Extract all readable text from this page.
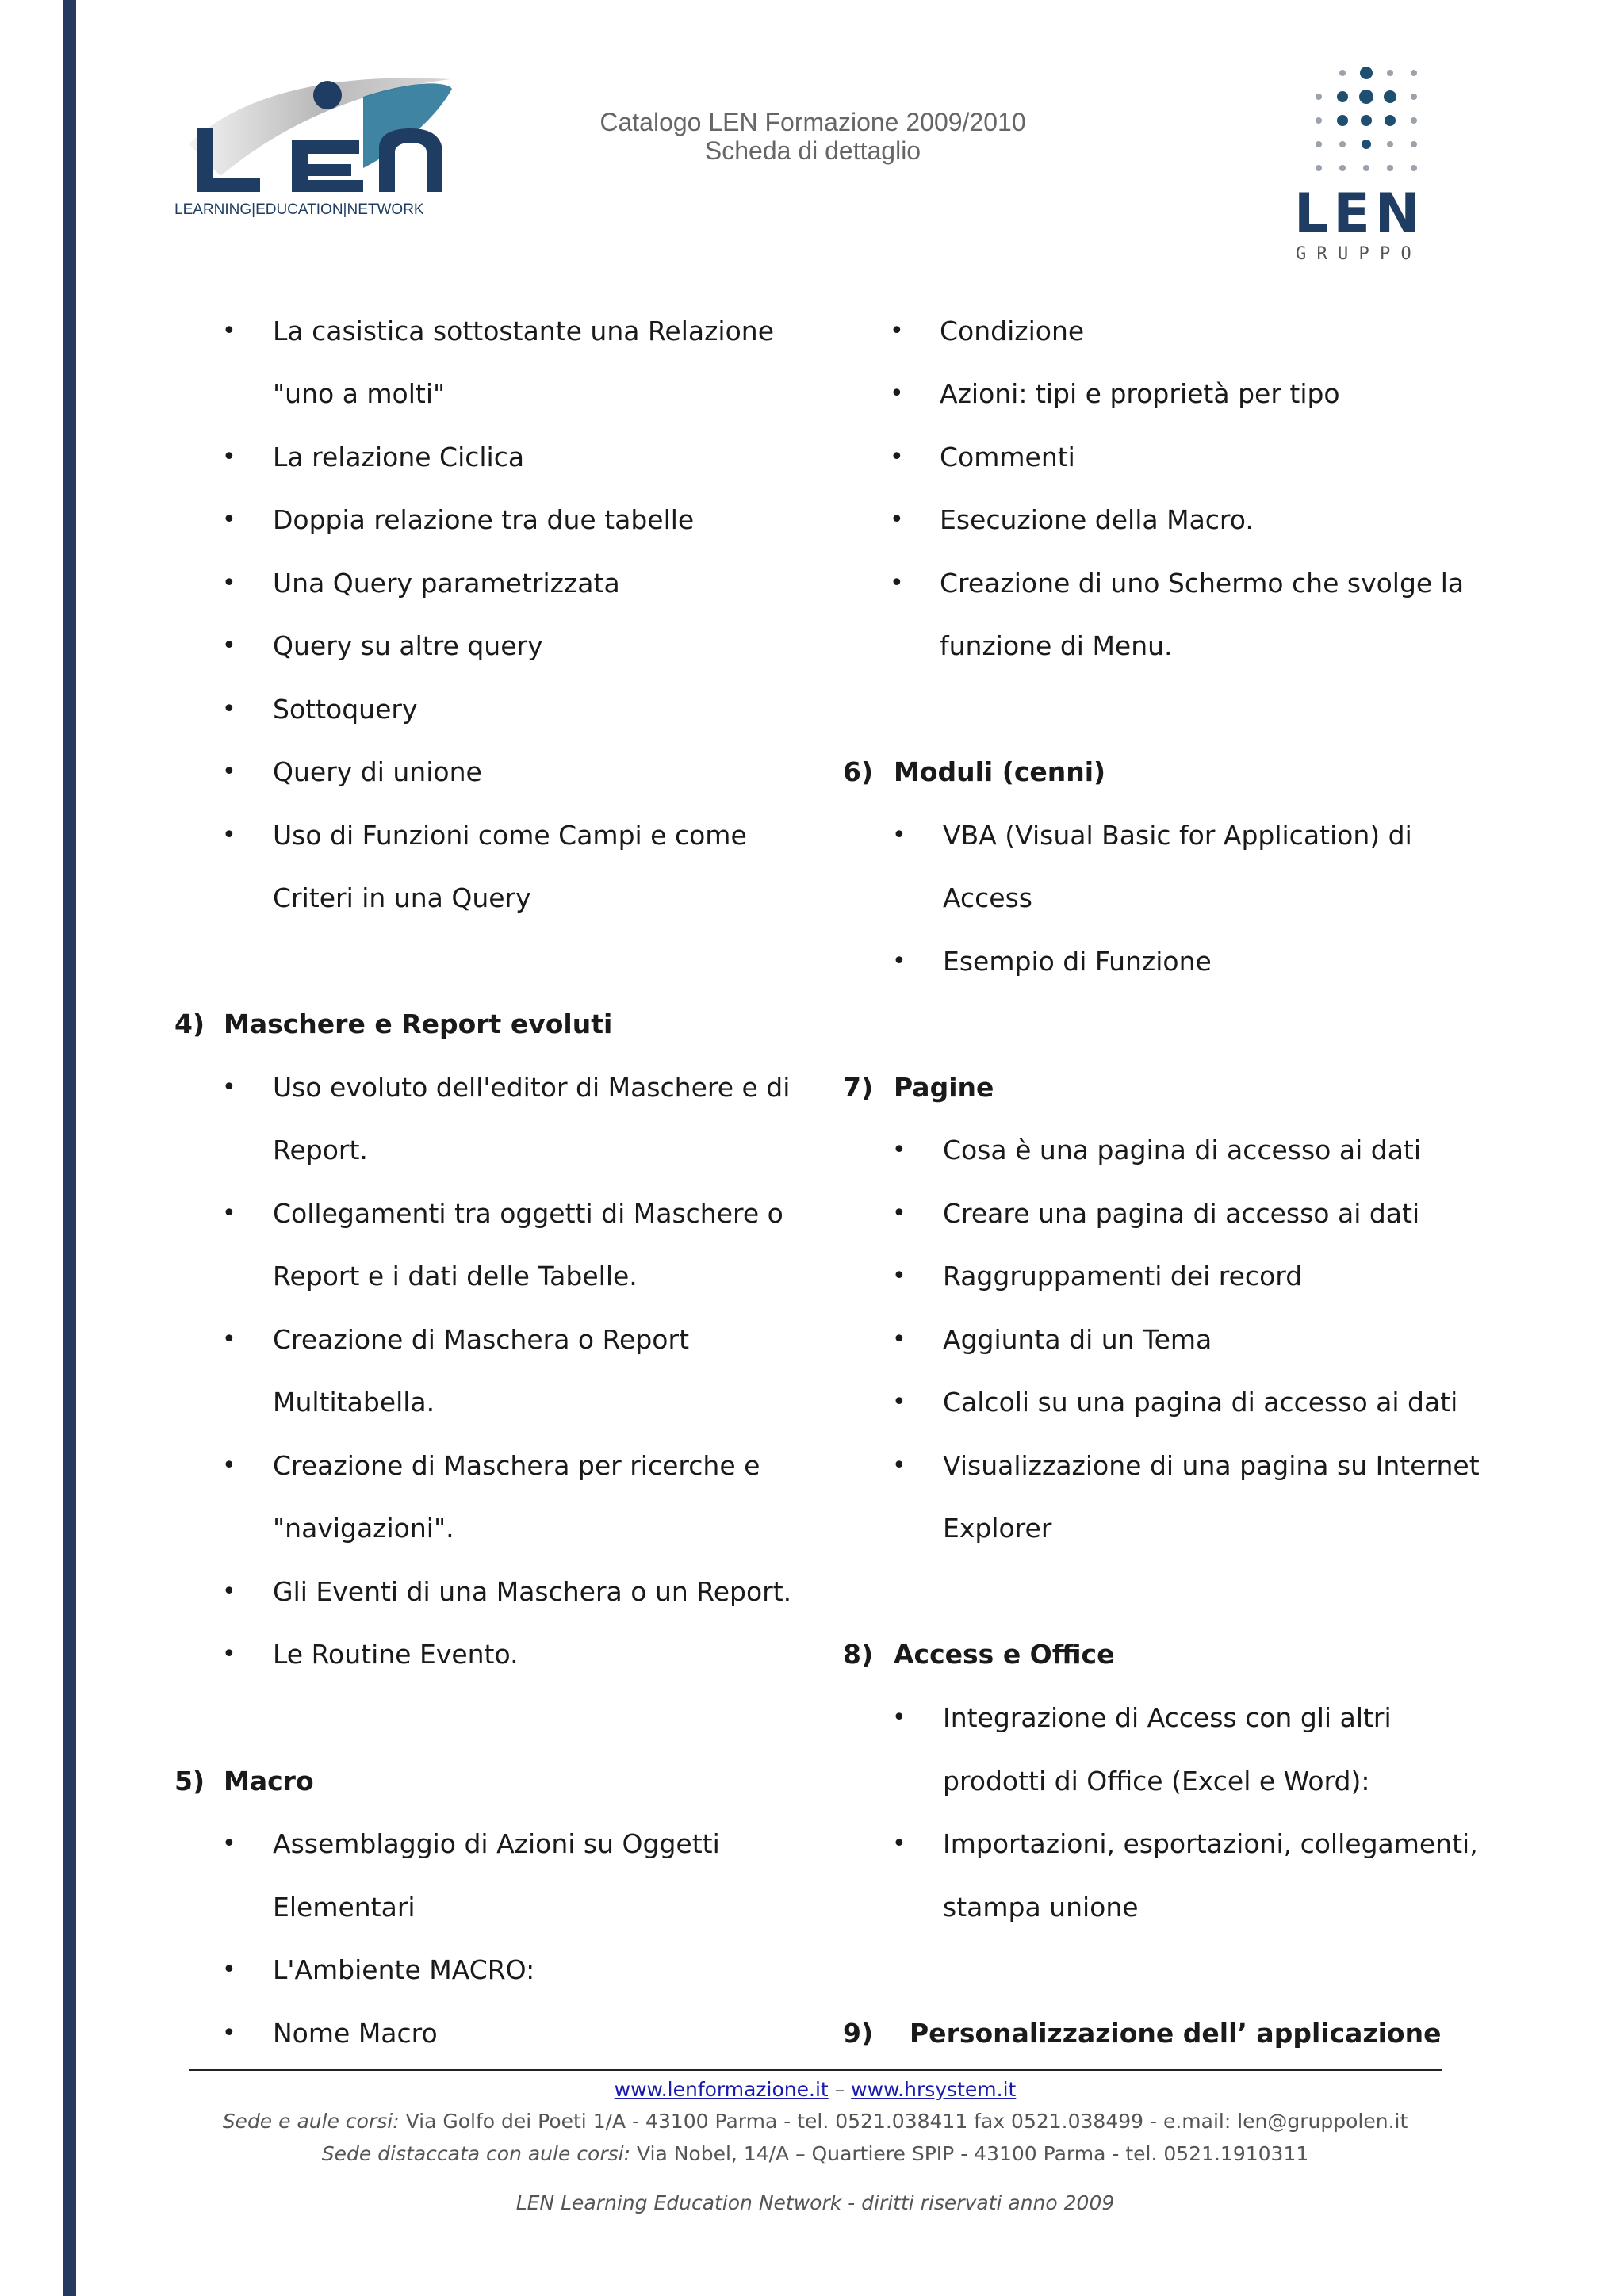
LEARNING|EDUCATION|NETWORK
Catalogo LEN Formazione 2009/2010
Scheda di dettaglio
LEN
G R U P P O
• La casistica sottostante una Relazione
"uno a molti"
• La relazione Ciclica
• Doppia relazione tra due tabelle
• Una Query parametrizzata
• Query su altre query
• Sottoquery
• Query di unione
• Uso di Funzioni come Campi e come
Criteri in una Query
4) Maschere e Report evoluti
• Uso evoluto dell'editor di Maschere e di
Report.
• Collegamenti tra oggetti di Maschere o
Report e i dati delle Tabelle.
• Creazione di Maschera o Report
Multitabella.
• Creazione di Maschera per ricerche e
"navigazioni".
• Gli Eventi di una Maschera o un Report.
• Le Routine Evento.
5) Macro
• Assemblaggio di Azioni su Oggetti
Elementari
• L'Ambiente MACRO:
• Nome Macro
• Condizione
• Azioni: tipi e proprietà per tipo
• Commenti
• Esecuzione della Macro.
• Creazione di uno Schermo che svolge la
funzione di Menu.
6) Moduli (cenni)
• VBA (Visual Basic for Application) di
Access
• Esempio di Funzione
7) Pagine
• Cosa è una pagina di accesso ai dati
• Creare una pagina di accesso ai dati
• Raggruppamenti dei record
• Aggiunta di un Tema
• Calcoli su una pagina di accesso ai dati
• Visualizzazione di una pagina su Internet
Explorer
8) Access e Office
• Integrazione di Access con gli altri
prodotti di Office (Excel e Word):
• Importazioni, esportazioni, collegamenti,
stampa unione
9) Personalizzazione dell’ applicazione
www.lenformazione.it – www.hrsystem.it
Sede e aule corsi: Via Golfo dei Poeti 1/A - 43100 Parma - tel. 0521.038411 fax 0521.038499 - e.mail: len@gruppolen.it
Sede distaccata con aule corsi: Via Nobel, 14/A – Quartiere SPIP - 43100 Parma - tel. 0521.1910311
LEN Learning Education Network - diritti riservati anno 2009
